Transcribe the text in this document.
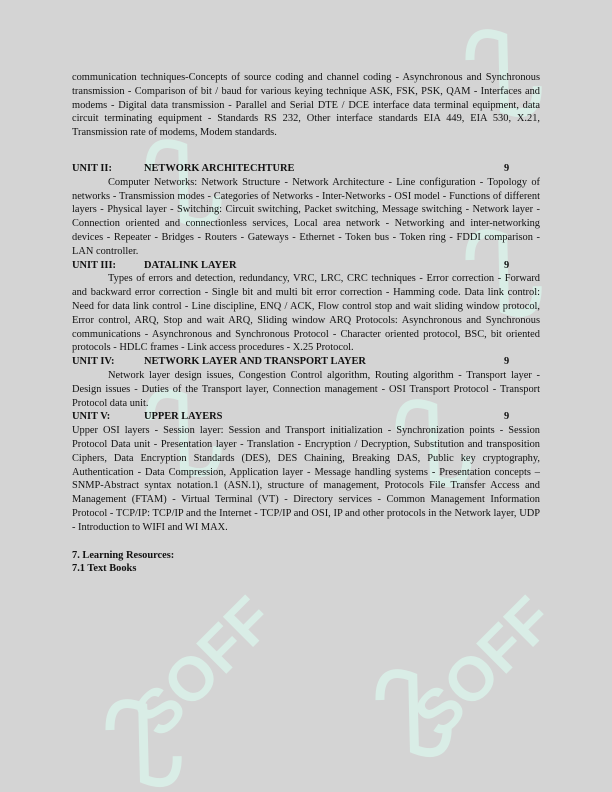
SOFF
SOFF

communication techniques-Concepts of source coding and channel coding - Asynchronous and Synchronous transmission - Comparison of bit / baud for various keying technique ASK, FSK, PSK, QAM - Interfaces and modems - Digital data transmission - Parallel and Serial DTE / DCE interface data terminal equipment, data circuit terminating equipment - Standards RS 232, Other interface standards EIA 449, EIA 530, X.21, Transmission rate of modems, Modem standards.

UNIT II:	NETWORK ARCHITECHTURE	9

Computer Networks: Network Structure - Network Architecture - Line configuration - Topology of networks - Transmission modes - Categories of Networks - Inter-Networks - OSI model - Functions of different layers - Physical layer - Switching: Circuit switching, Packet switching, Message switching - Network layer - Connection oriented and connectionless services, Local area network - Networking and inter-networking devices - Repeater - Bridges - Routers - Gateways - Ethernet - Token bus - Token ring - FDDI comparison - LAN controller.

UNIT III:	DATALINK LAYER	9

Types of errors and detection, redundancy, VRC, LRC, CRC techniques - Error correction - Forward and backward error correction - Single bit and multi bit error correction - Hamming code. Data link control: Need for data link control - Line discipline, ENQ / ACK, Flow control stop and wait sliding window protocol, Error control, ARQ, Stop and wait ARQ, Sliding window ARQ Protocols: Asynchronous and Synchronous communications - Asynchronous and Synchronous Protocol - Character oriented protocol, BSC, bit oriented protocols - HDLC frames - Link access procedures - X.25 Protocol.

UNIT IV:	NETWORK LAYER AND TRANSPORT LAYER	9

Network layer design issues, Congestion Control algorithm, Routing algorithm - Transport layer - Design issues - Duties of the Transport layer, Connection management - OSI Transport Protocol - Transport Protocol data unit.

UNIT V:	UPPER LAYERS	9

Upper OSI layers - Session layer: Session and Transport initialization - Synchronization points - Session Protocol Data unit - Presentation layer - Translation - Encryption / Decryption, Substitution and transposition Ciphers, Data Encryption Standards (DES), DES Chaining, Breaking DAS, Public key cryptography, Authentication - Data Compression, Application layer - Message handling systems - Presentation concepts – SNMP-Abstract syntax notation.1 (ASN.1), structure of management, Protocols File Transfer Access and Management (FTAM) - Virtual Terminal (VT) - Directory services - Common Management Information Protocol - TCP/IP: TCP/IP and the Internet - TCP/IP and OSI, IP and other protocols in the Network layer, UDP - Introduction to WIFI and WI MAX.

7. Learning Resources:
7.1 Text Books
